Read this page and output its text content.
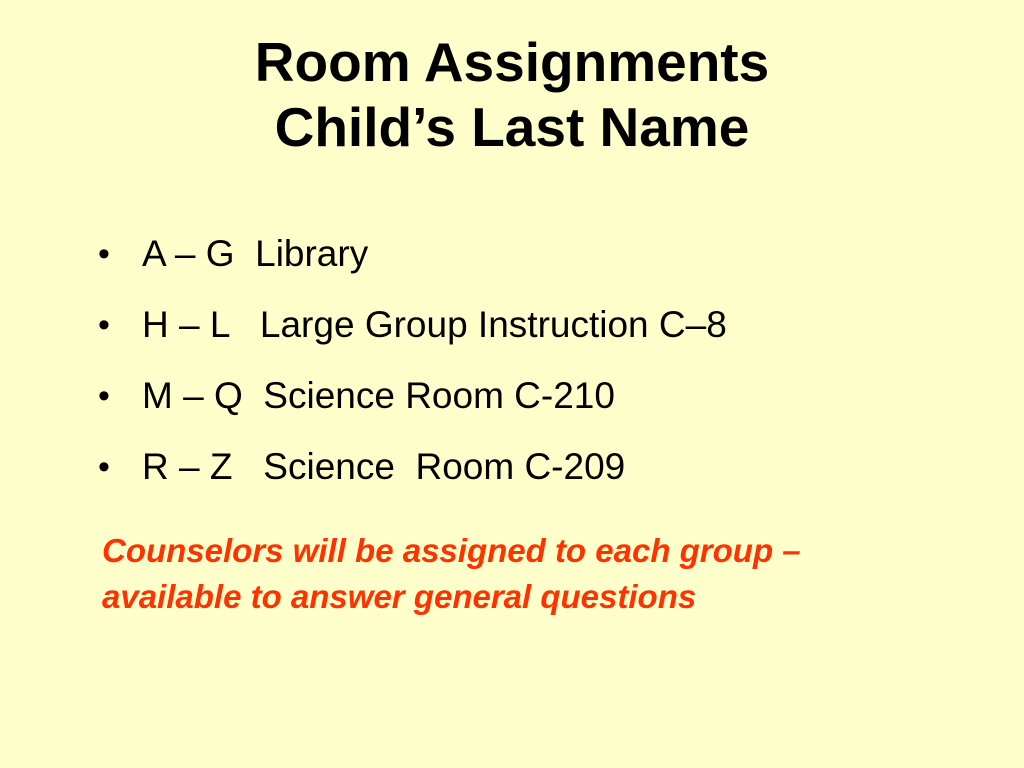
Room Assignments
Child’s Last Name
• A – G  Library
• H – L   Large Group Instruction C–8
• M – Q  Science Room C-210
• R – Z   Science  Room C-209
Counselors will be assigned to each group –
available to answer general questions
